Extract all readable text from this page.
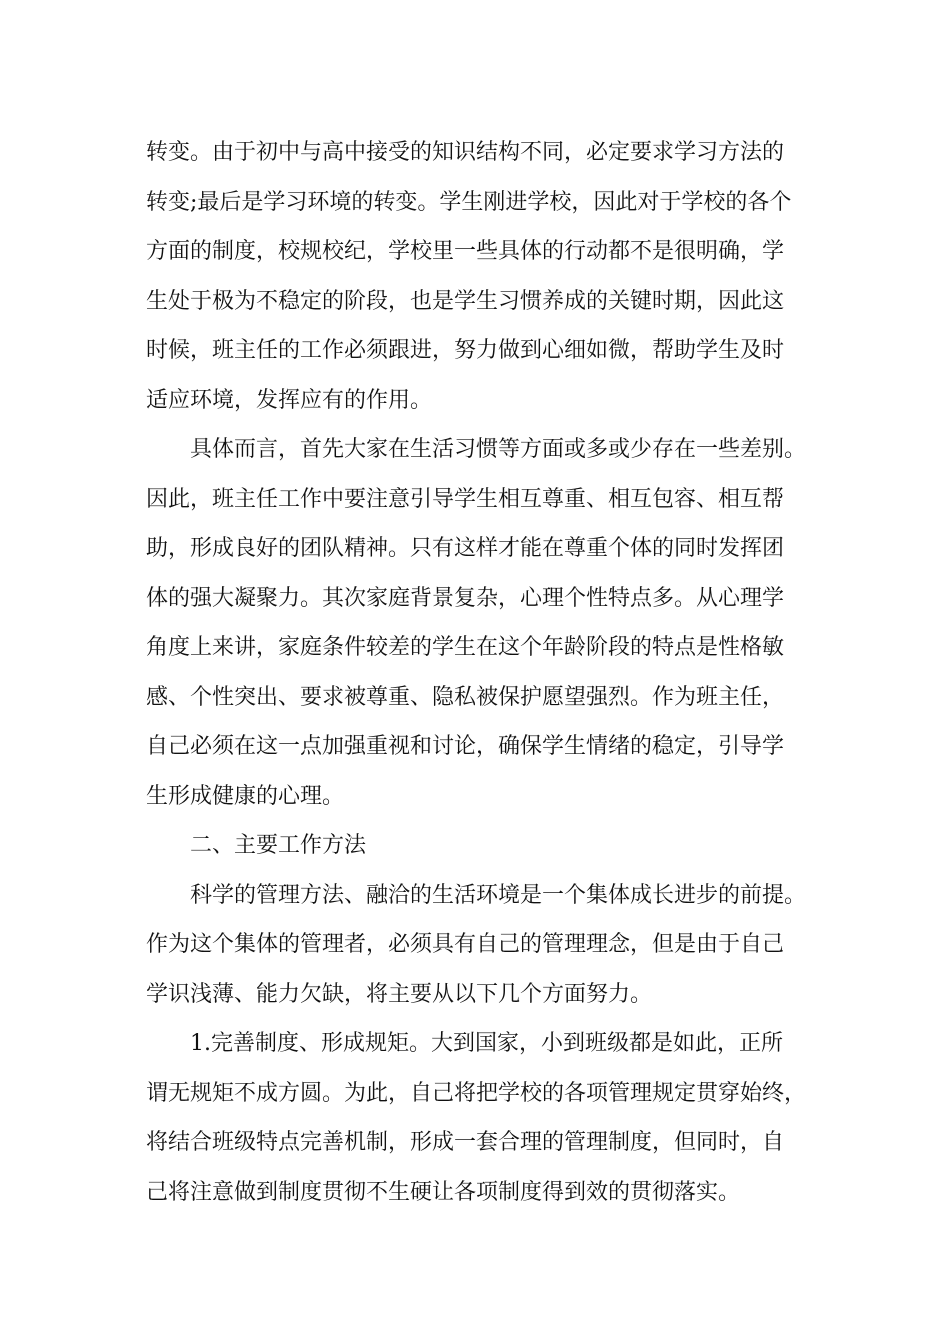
转变。由于初中与高中接受的知识结构不同，必定要求学习方法的
转变;最后是学习环境的转变。学生刚进学校，因此对于学校的各个
方面的制度，校规校纪，学校里一些具体的行动都不是很明确，学
生处于极为不稳定的阶段，也是学生习惯养成的关键时期，因此这
时候，班主任的工作必须跟进，努力做到心细如微，帮助学生及时
适应环境，发挥应有的作用。
具体而言，首先大家在生活习惯等方面或多或少存在一些差别。
因此，班主任工作中要注意引导学生相互尊重、相互包容、相互帮
助，形成良好的团队精神。只有这样才能在尊重个体的同时发挥团
体的强大凝聚力。其次家庭背景复杂，心理个性特点多。从心理学
角度上来讲，家庭条件较差的学生在这个年龄阶段的特点是性格敏
感、个性突出、要求被尊重、隐私被保护愿望强烈。作为班主任，
自己必须在这一点加强重视和讨论，确保学生情绪的稳定，引导学
生形成健康的心理。
二、主要工作方法
科学的管理方法、融洽的生活环境是一个集体成长进步的前提。
作为这个集体的管理者，必须具有自己的管理理念，但是由于自己
学识浅薄、能力欠缺，将主要从以下几个方面努力。
1.完善制度、形成规矩。大到国家，小到班级都是如此，正所
谓无规矩不成方圆。为此，自己将把学校的各项管理规定贯穿始终，
将结合班级特点完善机制，形成一套合理的管理制度，但同时，自
己将注意做到制度贯彻不生硬让各项制度得到效的贯彻落实。
